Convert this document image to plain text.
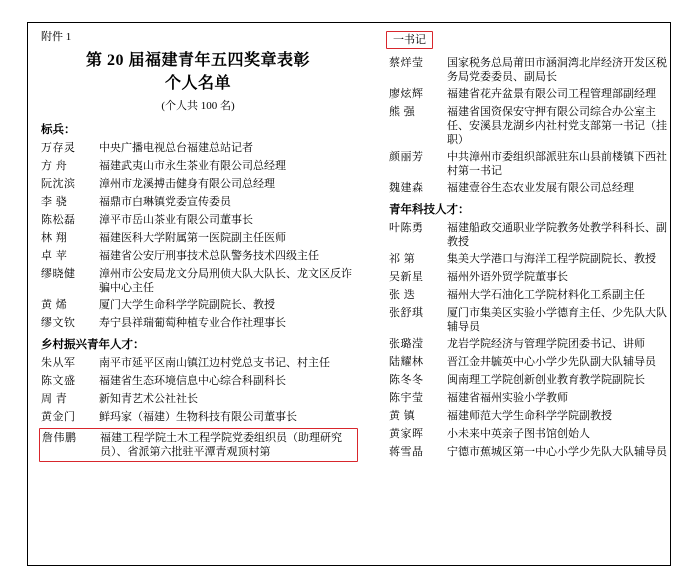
附件 1
第 20 届福建青年五四奖章表彰
个人名单
(个人共 100 名)
标兵：
万存灵	中央广播电视总台福建总站记者
方 舟	福建武夷山市永生茶业有限公司总经理
阮沈滨	漳州市龙溪搏击健身有限公司总经理
李 骁	福鼎市白琳镇党委宣传委员
陈松磊	漳平市岳山茶业有限公司董事长
林 翔	福建医科大学附属第一医院副主任医师
卓 苹	福建省公安厅刑事技术总队警务技术四级主任
缪晓健	漳州市公安局龙文分局刑侦大队大队长、龙文区反诈骗中心主任
黄 烯	厦门大学生命科学学院副院长、教授
缪文钦	寿宁县祥瑞葡萄种植专业合作社理事长
乡村振兴青年人才：
朱从军	南平市延平区南山镇江边村党总支书记、村主任
陈文盛	福建省生态环境信息中心综合科副科长
周 青	新知青艺术公社社长
黄金门	鲜玛家（福建）生物科技有限公司董事长
詹伟鹏	福建工程学院土木工程学院党委组织员（助理研究员）、省派第六批驻平潭青观顶村第
一书记
蔡烊莹	国家税务总局莆田市涵洞湾北岸经济开发区税务局党委委员、副局长
廖炫辉	福建省花卉盆景有限公司工程管理部副经理
熊 强	福建省国资保安守押有限公司综合办公室主任、安溪县龙湖乡内社村党支部第一书记（挂职）
颜丽芳	中共漳州市委组织部派驻东山县前楼镇下西社村第一书记
魏建森	福建壹谷生态农业发展有限公司总经理
青年科技人才：
叶陈勇	福建船政交通职业学院教务处教学科科长、副教授
祁 第	集美大学港口与海洋工程学院副院长、教授
吴新星	福州外语外贸学院董事长
张 迭	福州大学石油化工学院材料化工系副主任
张舒琪	厦门市集美区实验小学德育主任、少先队大队辅导员
张璐滢	龙岩学院经济与管理学院团委书记、讲师
陆耀林	晋江金井毓英中心小学少先队副大队辅导员
陈冬冬	闽南理工学院创新创业教育教学院副院长
陈宇莹	福建省福州实验小学教师
黄 镇	福建师范大学生命科学学院副教授
黄家晖	小未来中英亲子图书馆创始人
蒋雪晶	宁德市蕉城区第一中心小学少先队大队辅导员
